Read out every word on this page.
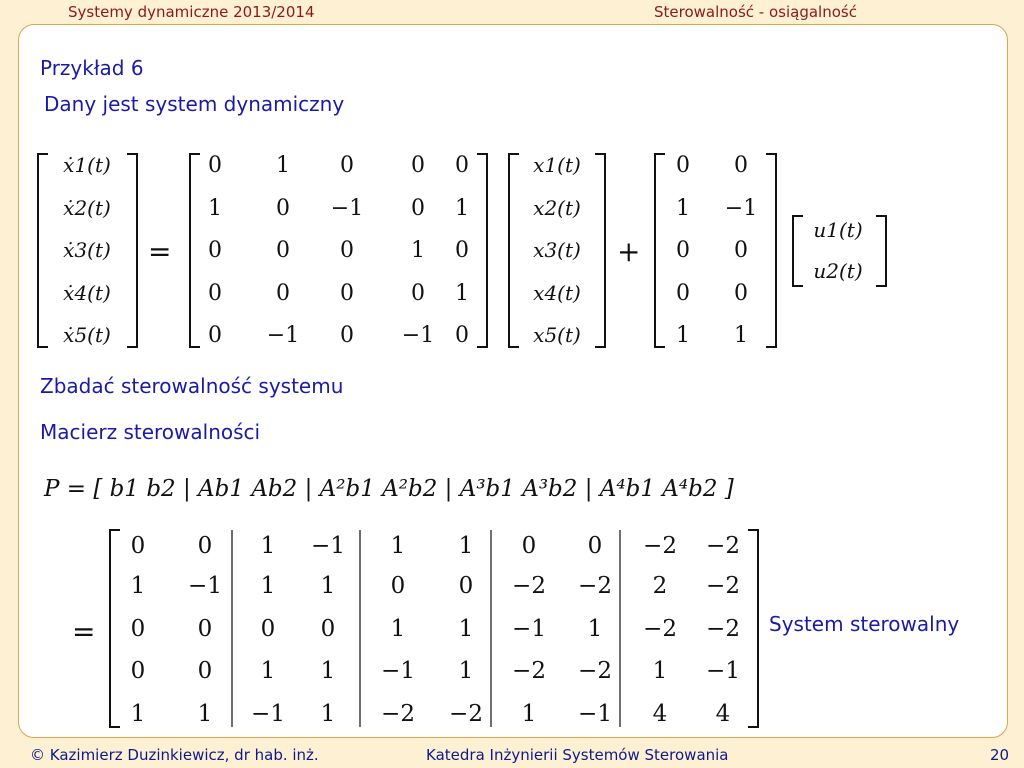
Systemy dynamiczne 2013/2014	Sterowalność - osiągalność
Przykład 6
Dany jest system dynamiczny
=	+
ẋ1(t)
ẋ2(t)
ẋ3(t)
ẋ4(t)
ẋ5(t)
0 1 0	0 0
1 0 −1 0 1
0 0 0	1 0
0 0 0	0 1
0 −1 0 −1 0
x1(t)
x2(t)
x3(t)
x4(t)
x5(t)
0 0
1 −1
0 0
0 0
1 1
u1(t)
u2(t)
Zbadać sterowalność systemu
Macierz sterowalności
P = [ b1 b2 | Ab1 Ab2 | A²b1 A²b2 | A³b1 A³b2 | A⁴b1 A⁴b2 ]
=
0 0 1 −1 1 1 0 0 −2 −2
1 −1 1 1 0 0 −2 −2 2 −2
0 0 0 0 1 1 −1 1 −2 −2
0 0 1 1 −1 1 −2 −2 1 −1
1 1 −1 1 −2 −2 1 −1 4 4
System sterowalny
© Kazimierz Duzinkiewicz, dr hab. inż.	Katedra Inżynierii Systemów Sterowania	20
